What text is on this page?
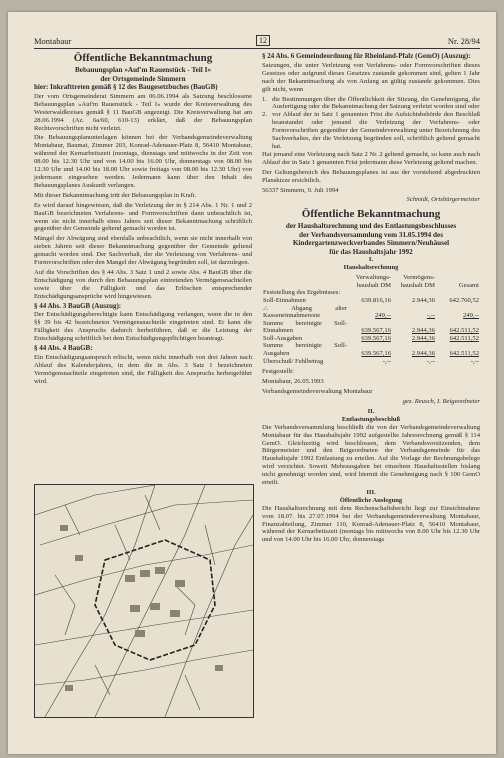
Montabaur	12	Nr. 28/94
Öffentliche Bekanntmachung
Bebauungsplan »Auf'm Rauenstück - Teil I«
der Ortsgemeinde Simmern

hier: Inkrafttreten gemäß § 12 des Baugesetzbuches (BauGB)

Der vom Ortsgemeinderat Simmern am 06.06.1994 als Satzung beschlossene Bebauungsplan »Auf'm Rauenstück - Teil I« wurde der Kreisverwaltung des Westerwaldkreises gemäß § 11 BauGB angezeigt. Die Kreisverwaltung hat am 28.06.1994 (Az. 6a/60, 610-13) erklärt, daß der Bebauungsplan Rechtsvorschriften nicht verletzt.

Die Bebauungsplanunterlagen können bei der Verbandsgemeindeverwaltung Montabaur, Baumat, Zimmer 203, Konrad-Adenauer-Platz 8, 56410 Montabaur, während der Kernarbeitszeit (montags, dienstags und mittwochs in der Zeit von 08.00 bis 12.30 Uhr und von 14.00 bis 16.00 Uhr, donnerstags von 08.00 bis 12.30 Uhr und 14.00 bis 18.00 Uhr sowie freitags von 08.00 bis 12.30 Uhr) von jedermann eingesehen werden. Jedermann kann über den Inhalt des Bebauungsplanes Auskunft verlangen.

Mit dieser Bekanntmachung tritt der Bebauungsplan in Kraft.

Es wird darauf hingewiesen, daß die Verletzung der in § 214 Abs. 1 Nr. 1 und 2 BauGB bezeichneten Verfahrens- und Formvorschriften dann unbeachtlich ist, wenn sie nicht innerhalb eines Jahres seit dieser Bekanntmachung schriftlich gegenüber der Gemeinde geltend gemacht worden ist.

Mängel der Abwägung sind ebenfalls unbeachtlich, wenn sie nicht innerhalb von sieben Jahren seit dieser Bekanntmachung gegenüber der Gemeinde geltend gemacht worden sind. Der Sachverhalt, der die Verletzung von Verfahrens- und Formvorschriften oder den Mangel der Abwägung begründen soll, ist darzulegen.

Auf die Vorschriften des § 44 Abs. 3 Satz 1 und 2 sowie Abs. 4 BauGB über die Entschädigung von durch den Bebauungsplan eintretenden Vermögensnachteilen sowie über die Fälligkeit und das Erlöschen entsprechender Entschädigungsansprüche wird hingewiesen.

§ 44 Abs. 3 BauGB (Auszug):

Der Entschädigungsberechtigte kann Entschädigung verlangen, wenn die in den §§ 39 bis 42 bezeichneten Vermögensnachteile eingetreten sind. Er kann die Fälligkeit des Anspruchs dadurch herbeiführen, daß er die Leistung der Entschädigung schriftlich bei dem Entschädigungspflichtigen beantragt.

§ 44 Abs. 4 BauGB:

Ein Entschädigungsanspruch erlischt, wenn nicht innerhalb von drei Jahren nach Ablauf des Kalenderjahres, in dem die in Abs. 3 Satz 1 bezeichneten Vermögensnachteile eingetreten sind, die Fälligkeit des Anspruchs herbeigeführt wird.

§ 24 Abs. 6 Gemeindeordnung für Rheinland-Pfalz (GemO) (Auszug):

Satzungen, die unter Verletzung von Verfahrens- oder Formvorschriften dieses Gesetzes oder aufgrund dieses Gesetzes zustande gekommen sind, gelten 1 Jahr nach der Bekanntmachung als von Anfang an gültig zustande gekommen. Dies gilt nicht, wenn

1. die Bestimmungen über die Öffentlichkeit der Sitzung, die Genehmigung, die Ausfertigung oder die Bekanntmachung der Satzung verletzt worden sind oder
2. vor Ablauf der in Satz 1 genannten Frist die Aufsichtsbehörde den Beschluß beanstandet oder jemand die Verletzung der Verfahrens- oder Formvorschriften gegenüber der Gemeindeverwaltung unter Bezeichnung des Sachverhaltes, der die Verletzung begründen soll, schriftlich geltend gemacht hat.

Hat jemand eine Verletzung nach Satz 2 Nr. 2 geltend gemacht, so kann auch nach Ablauf der in Satz 1 genannten Frist jedermann diese Verletzung geltend machen.

Der Geltungsbereich des Bebauungsplanes ist aus der vorstehend abgedruckten Planskizze ersichtlich.

56337 Simmern, 9. Juli 1994

Schmidt, Ortsbürgermeister

Öffentliche Bekanntmachung
der Haushaltsrechnung und des Entlastungsbeschlusses
der Verbandsversammlung vom 31.05.1994 des Kindergartenzweckverbandes Simmern/Neuhäusel
für das Haushaltsjahr 1992
I.
Haushaltsrechnung
	Verwaltungs-haushalt DM	Vermögens-haushalt DM	Gesamt
Feststellung des Ergebnisses:			
Soll-Einnahmen	639.816,16	2.944,36	642.760,52
./. Abgang alter Kasseneinnahmereste	249,--	-,--	249,--
Summe bereinigte Soll-Einnahmen	639.567,16	2.944,36	642.511,52
Soll-Ausgaben	639.567,16	2.944,36	642.511,52
Summe bereinigte Soll-Ausgaben	639.567,16	2.944,36	642.511,52
Überschuß/ Fehlbetrag	-,--	-,--	-,--

Festgestellt:

Montabaur, 26.05.1993

Verbandsgemeindeverwaltung Montabaur

gez. Reusch, I. Beigeordneter

II.
Entlastungsbeschluß

Die Verbandsversammlung beschließt die von der Verbandsgemeindeverwaltung Montabaur für das Haushaltsjahr 1992 aufgestellte Jahresrechnung gemäß § 114 GemO. Gleichzeitig wird beschlossen, dem Verbandsvorsitzenden, dem Bürgermeister und den Beigeordneten der Verbandsgemeinde für das Haushaltsjahr 1992 Entlastung zu erteilen. Auf die Vorlage der Rechnungsbelege wird verzichtet. Soweit Mehrausgaben bei einzelnen Haushaltsstellen bislang nicht genehmigt worden sind, wird hiermit die Genehmigung nach § 100 GemO erteilt.

III.
Öffentliche Auslegung

Die Haushaltsrechnung mit dem Rechenschaftsbericht liegt zur Einsichtnahme vom 18.07. bis 27.07.1994 bei der Verbandsgemeindeverwaltung Montabaur, Finanzabteilung, Zimmer 110, Konrad-Adenauer-Platz 8, 56410 Montabaur, während der Kernarbeitszeit (montags bis mittwochs von 8.00 Uhr bis 12.30 Uhr und von 14.00 Uhr bis 16.00 Uhr, donnerstags
